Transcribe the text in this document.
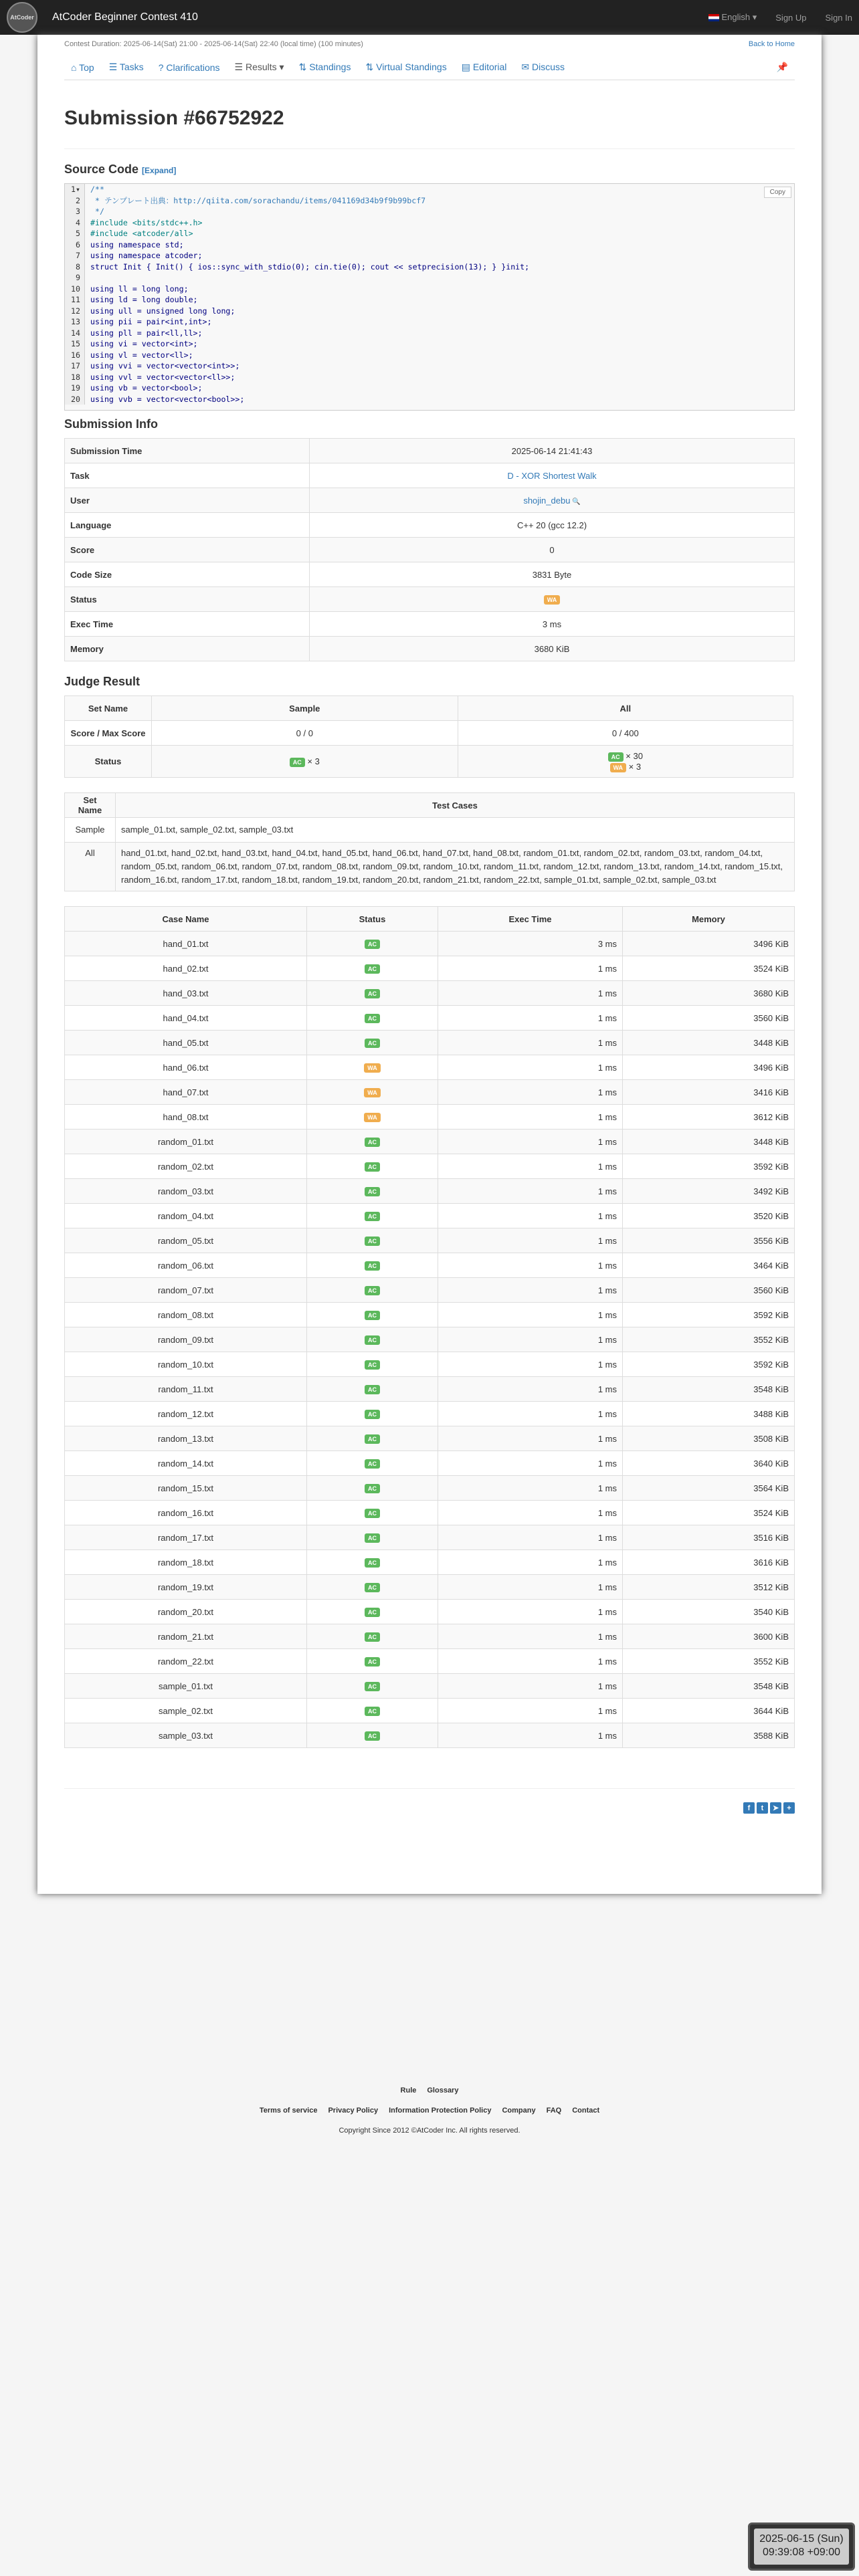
AtCoder	AtCoder Beginner Contest 410	English ▾ Sign Up Sign In
Contest Duration: 2025-06-14(Sat) 21:00 - 2025-06-14(Sat) 22:40 (local time) (100 minutes)	Back to Home
⌂ Top ☰ Tasks ? Clarifications ☰ Results ▾ ⇅ Standings ⇅ Virtual Standings ▤ Editorial ✉ Discuss	📌
Submission #66752922
Source Code [Expand]
Copy
1▾	/**
2	* テンプレート出典：http://qiita.com/sorachandu/items/041169d34b9f9b99bcf7
3	*/
4	#include <bits/stdc++.h>
5	#include <atcoder/all>
6	using namespace std;
7	using namespace atcoder;
8	struct Init { Init() { ios::sync_with_stdio(0); cin.tie(0); cout << setprecision(13); } }init;
9
10	using ll = long long;
11	using ld = long double;
12	using ull = unsigned long long;
13	using pii = pair<int,int>;
14	using pll = pair<ll,ll>;
15	using vi = vector<int>;
16	using vl = vector<ll>;
17	using vvi = vector<vector<int>>;
18	using vvl = vector<vector<ll>>;
19	using vb = vector<bool>;
20	using vvb = vector<vector<bool>>;
Submission Info
Submission Time	2025-06-14 21:41:43
Task	D - XOR Shortest Walk
User	shojin_debu 🔍
Language	C++ 20 (gcc 12.2)
Score	0
Code Size	3831 Byte
Status	WA
Exec Time	3 ms
Memory	3680 KiB
Judge Result
Set Name	Sample	All
Score / Max Score	0 / 0	0 / 400
Status	AC × 3	AC × 30
WA × 3
Set Name	Test Cases
Sample	sample_01.txt, sample_02.txt, sample_03.txt
All	hand_01.txt, hand_02.txt, hand_03.txt, hand_04.txt, hand_05.txt, hand_06.txt, hand_07.txt, hand_08.txt, random_01.txt, random_02.txt, random_03.txt, random_04.txt, random_05.txt, random_06.txt, random_07.txt, random_08.txt, random_09.txt, random_10.txt, random_11.txt, random_12.txt, random_13.txt, random_14.txt, random_15.txt, random_16.txt, random_17.txt, random_18.txt, random_19.txt, random_20.txt, random_21.txt, random_22.txt, sample_01.txt, sample_02.txt, sample_03.txt
Case Name	Status	Exec Time	Memory
hand_01.txt	AC	3 ms	3496 KiB
hand_02.txt	AC	1 ms	3524 KiB
hand_03.txt	AC	1 ms	3680 KiB
hand_04.txt	AC	1 ms	3560 KiB
hand_05.txt	AC	1 ms	3448 KiB
hand_06.txt	WA	1 ms	3496 KiB
hand_07.txt	WA	1 ms	3416 KiB
hand_08.txt	WA	1 ms	3612 KiB
random_01.txt	AC	1 ms	3448 KiB
random_02.txt	AC	1 ms	3592 KiB
random_03.txt	AC	1 ms	3492 KiB
random_04.txt	AC	1 ms	3520 KiB
random_05.txt	AC	1 ms	3556 KiB
random_06.txt	AC	1 ms	3464 KiB
random_07.txt	AC	1 ms	3560 KiB
random_08.txt	AC	1 ms	3592 KiB
random_09.txt	AC	1 ms	3552 KiB
random_10.txt	AC	1 ms	3592 KiB
random_11.txt	AC	1 ms	3548 KiB
random_12.txt	AC	1 ms	3488 KiB
random_13.txt	AC	1 ms	3508 KiB
random_14.txt	AC	1 ms	3640 KiB
random_15.txt	AC	1 ms	3564 KiB
random_16.txt	AC	1 ms	3524 KiB
random_17.txt	AC	1 ms	3516 KiB
random_18.txt	AC	1 ms	3616 KiB
random_19.txt	AC	1 ms	3512 KiB
random_20.txt	AC	1 ms	3540 KiB
random_21.txt	AC	1 ms	3600 KiB
random_22.txt	AC	1 ms	3552 KiB
sample_01.txt	AC	1 ms	3548 KiB
sample_02.txt	AC	1 ms	3644 KiB
sample_03.txt	AC	1 ms	3588 KiB
f	t	➤	+
Rule Glossary
Terms of service Privacy Policy Information Protection Policy Company FAQ Contact
Copyright Since 2012 ©AtCoder Inc. All rights reserved.
2025-06-15 (Sun)
09:39:08 +09:00
